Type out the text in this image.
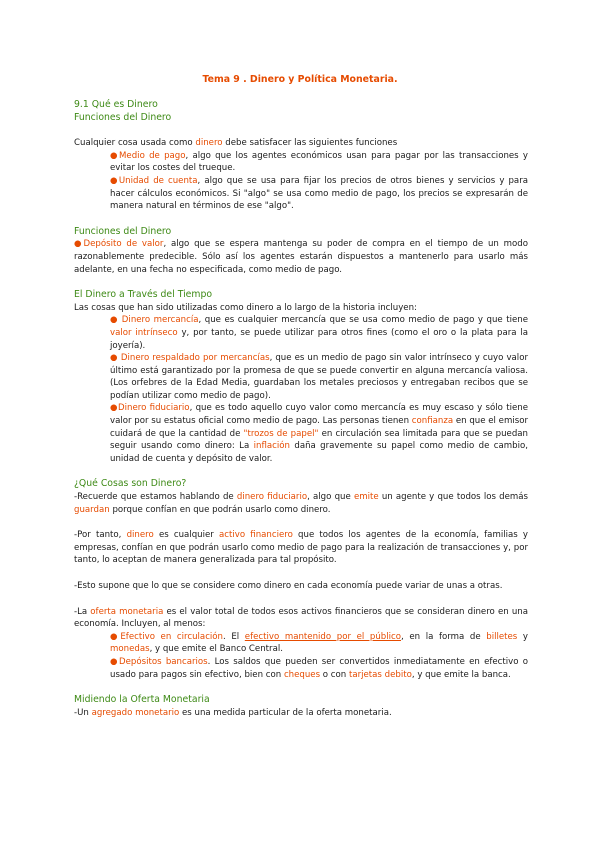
Tema 9 . Dinero y Política Monetaria.

9.1 Qué es Dinero

Funciones del Dinero

Cualquier cosa usada como dinero debe satisfacer las siguientes funciones

●Medio de pago, algo que los agentes económicos usan para pagar por las transacciones y evitar los costes del trueque.

●Unidad de cuenta, algo que se usa para fijar los precios de otros bienes y servicios y para hacer cálculos económicos. Si "algo" se usa como medio de pago, los precios se expresarán de manera natural en términos de ese "algo".

Funciones del Dinero

●Depósito de valor, algo que se espera mantenga su poder de compra en el tiempo de un modo razonablemente predecible. Sólo así los agentes estarán dispuestos a mantenerlo para usarlo más adelante, en una fecha no especificada, como medio de pago.

El Dinero a Través del Tiempo

Las cosas que han sido utilizadas como dinero a lo largo de la historia incluyen:

● Dinero mercancía, que es cualquier mercancía que se usa como medio de pago y que tiene valor intrínseco y, por tanto, se puede utilizar para otros fines (como el oro o la plata para la joyería).

● Dinero respaldado por mercancías, que es un medio de pago sin valor intrínseco y cuyo valor último está garantizado por la promesa de que se puede convertir en alguna mercancía valiosa. (Los orfebres de la Edad Media, guardaban los metales preciosos y entregaban recibos que se podían utilizar como medio de pago).

●Dinero fiduciario, que es todo aquello cuyo valor como mercancía es muy escaso y sólo tiene valor por su estatus oficial como medio de pago. Las personas tienen confianza en que el emisor cuidará de que la cantidad de "trozos de papel" en circulación sea limitada para que se puedan seguir usando como dinero: La inflación daña gravemente su papel como medio de cambio, unidad de cuenta y depósito de valor.

¿Qué Cosas son Dinero?

-Recuerde que estamos hablando de dinero fiduciario, algo que emite un agente y que todos los demás guardan porque confían en que podrán usarlo como dinero.

-Por tanto, dinero es cualquier activo financiero que todos los agentes de la economía, familias y empresas, confían en que podrán usarlo como medio de pago para la realización de transacciones y, por tanto, lo aceptan de manera generalizada para tal propósito.

-Esto supone que lo que se considere como dinero en cada economía puede variar de unas a otras.

-La oferta monetaria es el valor total de todos esos activos financieros que se consideran dinero en una economía. Incluyen, al menos:

●Efectivo en circulación. El efectivo mantenido por el público, en la forma de billetes y monedas, y que emite el Banco Central.

●Depósitos bancarios. Los saldos que pueden ser convertidos inmediatamente en efectivo o usado para pagos sin efectivo, bien con cheques o con tarjetas debito, y que emite la banca.

Midiendo la Oferta Monetaria

-Un agregado monetario es una medida particular de la oferta monetaria.
